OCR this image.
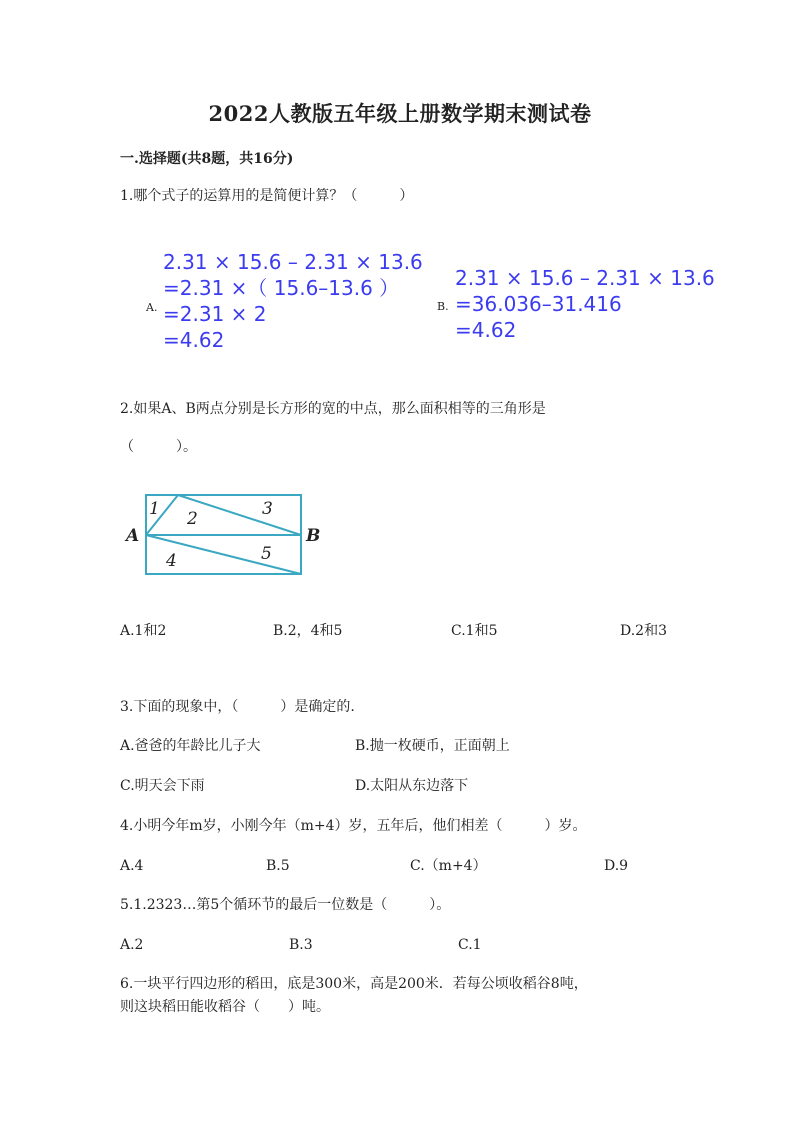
2022人教版五年级上册数学期末测试卷
一.选择题(共8题，共16分)
1.哪个式子的运算用的是简便计算？（　　　）
A.
2.31 × 15.6 – 2.31 × 13.6
=2.31 ×（ 15.6–13.6 ）
=2.31 × 2
=4.62
B.
2.31 × 15.6 – 2.31 × 13.6
=36.036–31.416
=4.62
2.如果A、B两点分别是长方形的宽的中点，那么面积相等的三角形是
（　　　）。
A	B
1 2	3
4	5
A.1和2	B.2，4和5	C.1和5	D.2和3
3.下面的现象中，（　　　）是确定的.
A.爸爸的年龄比儿子大	B.抛一枚硬币，正面朝上
C.明天会下雨	D.太阳从东边落下
4.小明今年m岁，小刚今年（m+4）岁，五年后，他们相差（　　　）岁。
A.4	B.5	C.（m+4）	D.9
5.1.2323…第5个循环节的最后一位数是（　　　）。
A.2	B.3	C.1
6.一块平行四边形的稻田，底是300米，高是200米．若每公顷收稻谷8吨，
则这块稻田能收稻谷（　　）吨。
